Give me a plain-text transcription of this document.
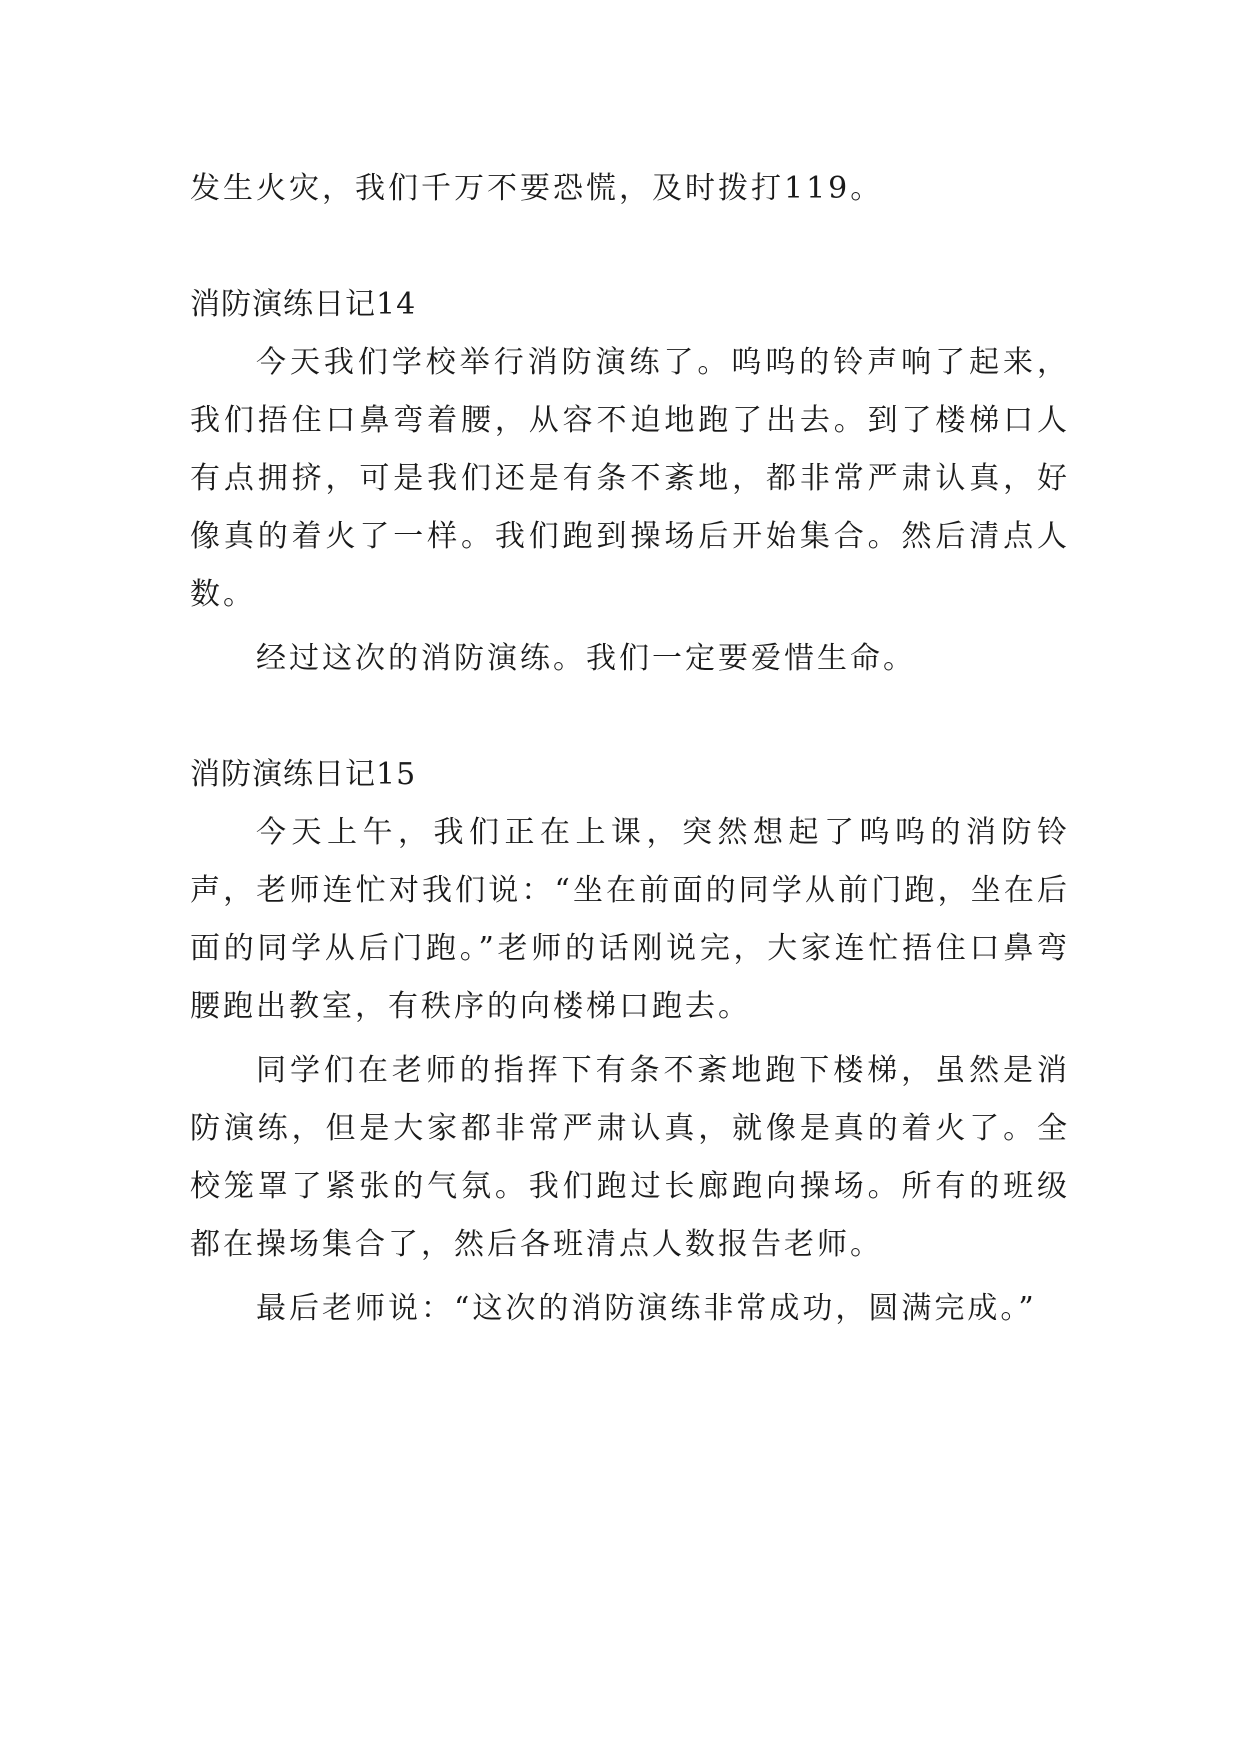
发生火灾，我们千万不要恐慌，及时拨打119。

消防演练日记14

今天我们学校举行消防演练了。呜呜的铃声响了起来，我们捂住口鼻弯着腰，从容不迫地跑了出去。到了楼梯口人有点拥挤，可是我们还是有条不紊地，都非常严肃认真，好像真的着火了一样。我们跑到操场后开始集合。然后清点人数。

经过这次的消防演练。我们一定要爱惜生命。

消防演练日记15

今天上午，我们正在上课，突然想起了呜呜的消防铃声，老师连忙对我们说：“坐在前面的同学从前门跑，坐在后面的同学从后门跑。”老师的话刚说完，大家连忙捂住口鼻弯腰跑出教室，有秩序的向楼梯口跑去。

同学们在老师的指挥下有条不紊地跑下楼梯，虽然是消防演练，但是大家都非常严肃认真，就像是真的着火了。全校笼罩了紧张的气氛。我们跑过长廊跑向操场。所有的班级都在操场集合了，然后各班清点人数报告老师。

最后老师说：“这次的消防演练非常成功，圆满完成。”
